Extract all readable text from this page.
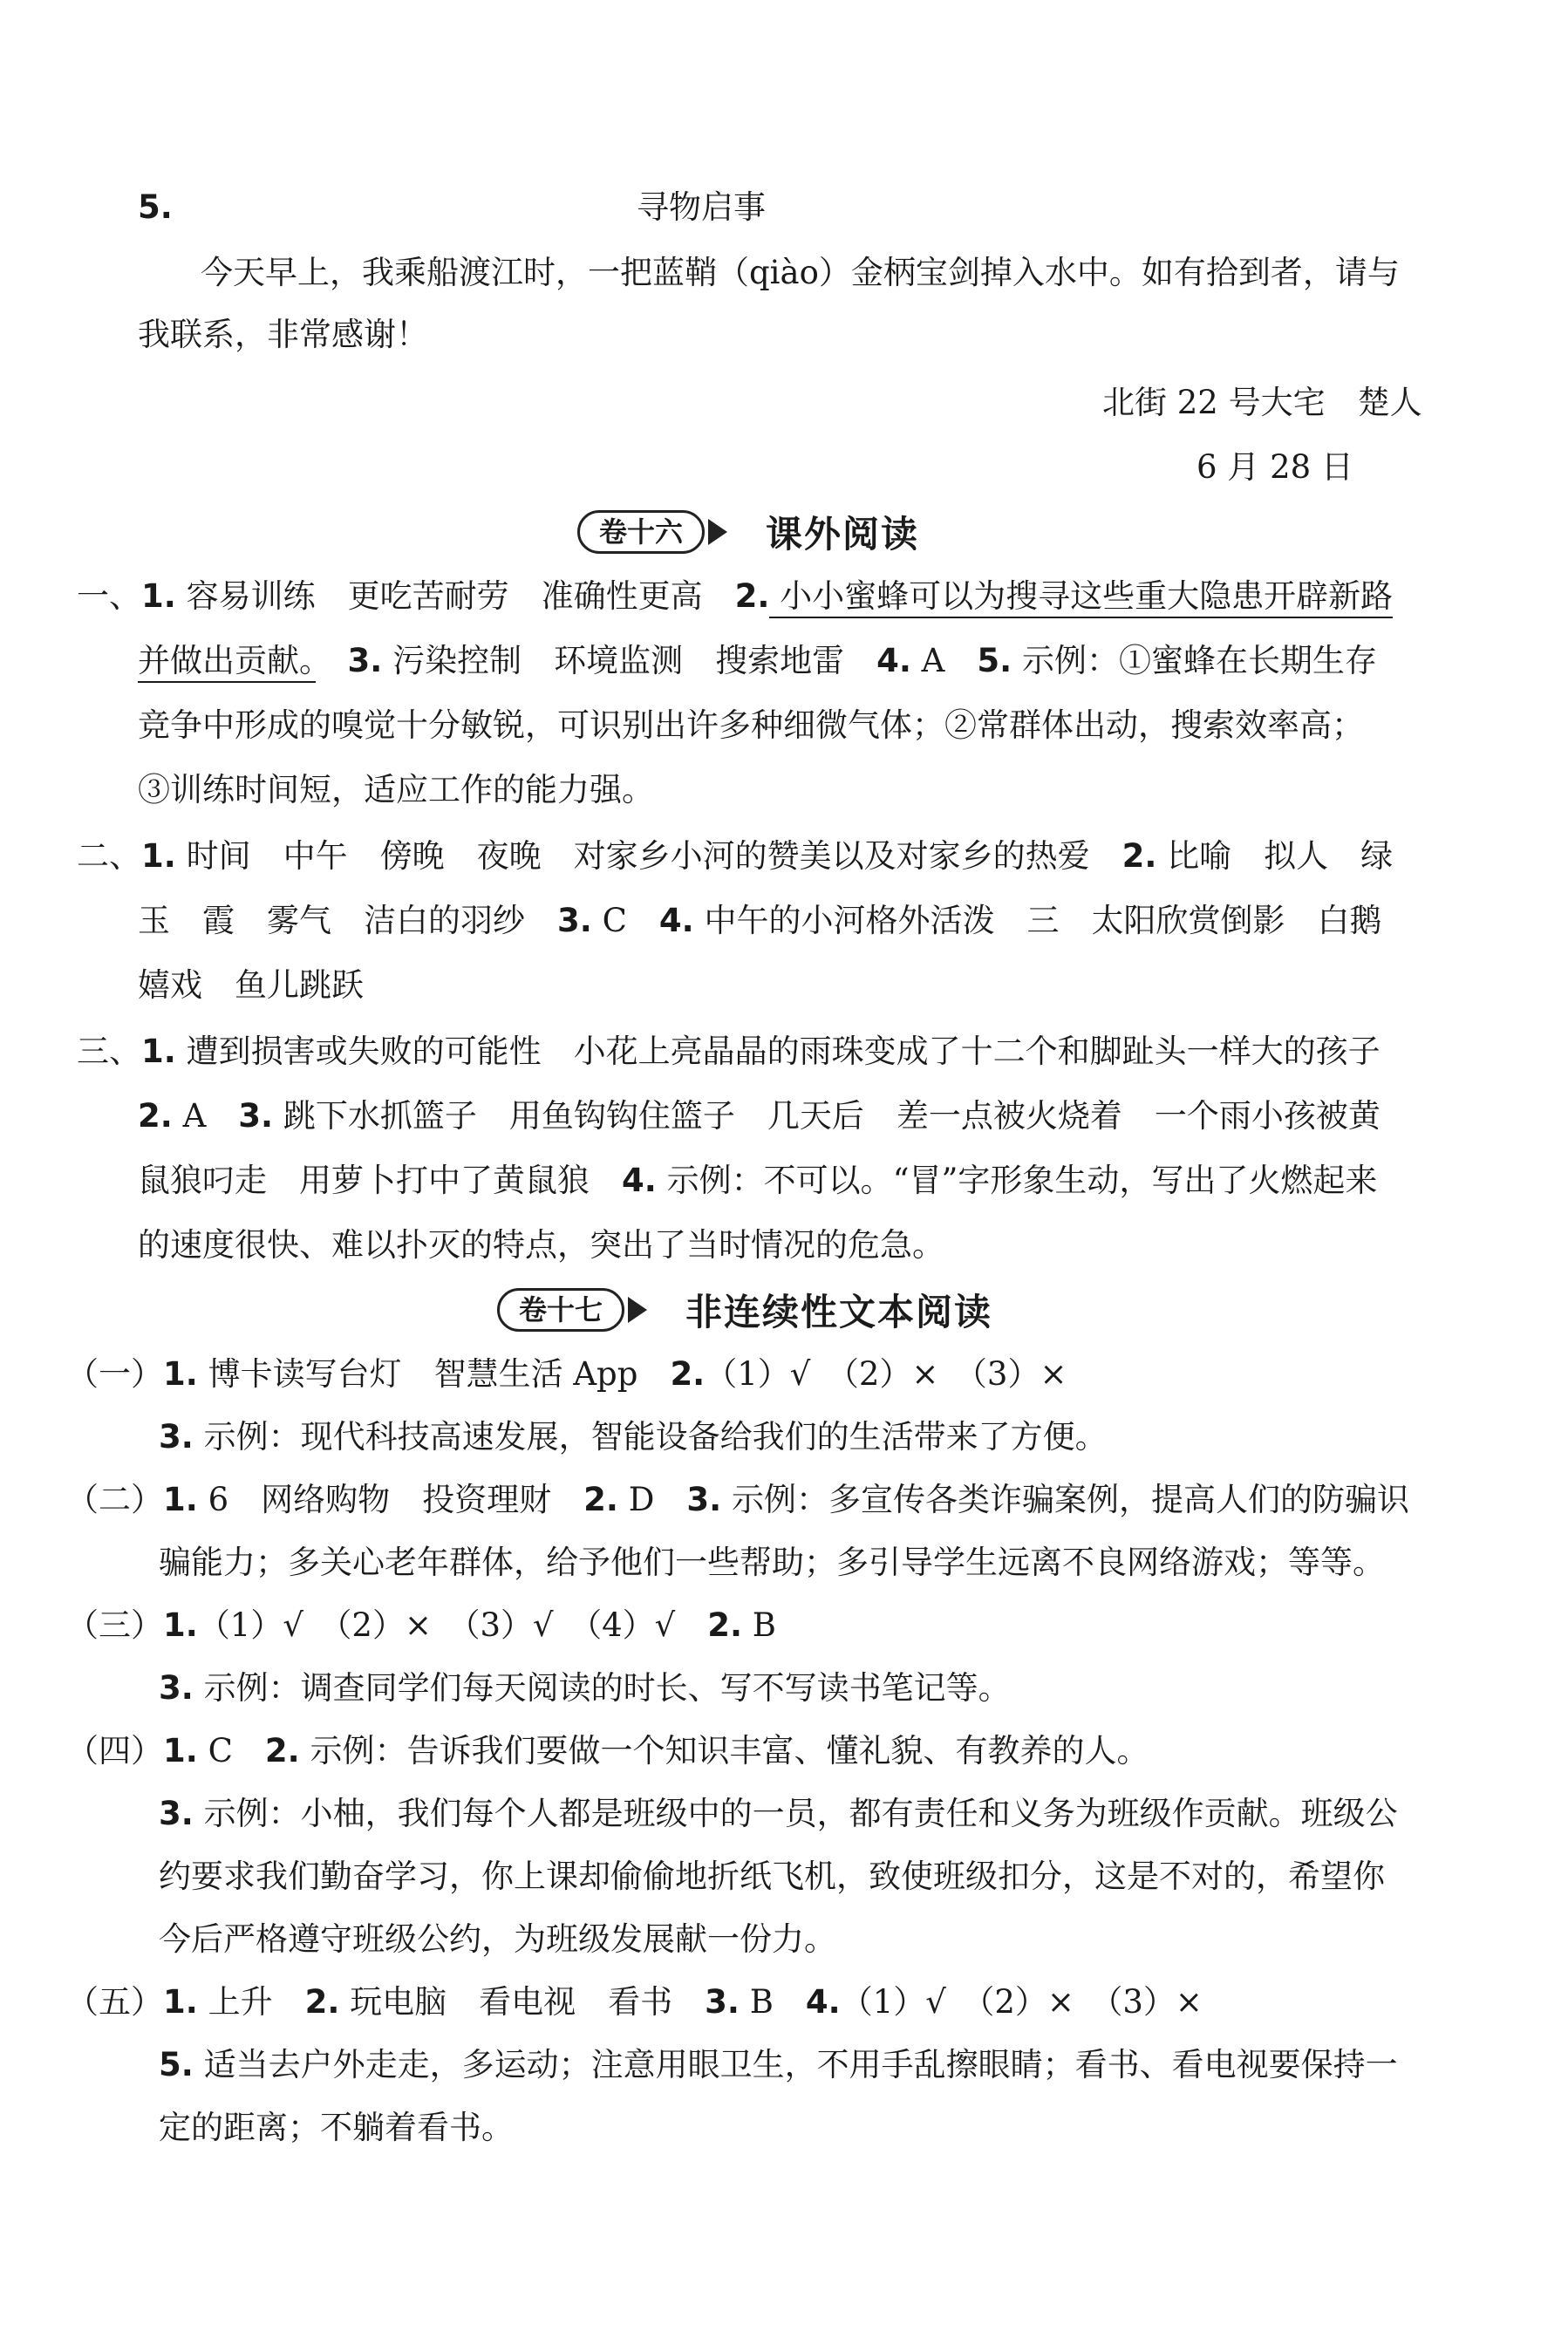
5.	寻物启事
今天早上，我乘船渡江时，一把蓝鞘（qiào）金柄宝剑掉入水中。如有拾到者，请与
我联系，非常感谢！
北街 22 号大宅　楚人
6 月 28 日
卷十六	课外阅读
一、1. 容易训练　更吃苦耐劳　准确性更高　2. 小小蜜蜂可以为搜寻这些重大隐患开辟新路
并做出贡献。　 3. 污染控制　环境监测　搜索地雷　4. A　5. 示例：①蜜蜂在长期生存
竞争中形成的嗅觉十分敏锐，可识别出许多种细微气体；②常群体出动，搜索效率高；
③训练时间短，适应工作的能力强。
二、1. 时间　中午　傍晚　夜晚　对家乡小河的赞美以及对家乡的热爱　2. 比喻　拟人　绿
玉　霞　雾气　洁白的羽纱　3. C　4. 中午的小河格外活泼　三　太阳欣赏倒影　白鹅
嬉戏　鱼儿跳跃
三、1. 遭到损害或失败的可能性　小花上亮晶晶的雨珠变成了十二个和脚趾头一样大的孩子
2. A　3. 跳下水抓篮子　用鱼钩钩住篮子　几天后　差一点被火烧着　一个雨小孩被黄
鼠狼叼走　用萝卜打中了黄鼠狼　4. 示例：不可以。“冒”字形象生动，写出了火燃起来
的速度很快、难以扑灭的特点，突出了当时情况的危急。
卷十七	非连续性文本阅读
（一）1. 博卡读写台灯　智慧生活 App　2.（1）√　（2）×　（3）×
3. 示例：现代科技高速发展，智能设备给我们的生活带来了方便。
（二）1. 6　网络购物　投资理财　2. D　3. 示例：多宣传各类诈骗案例，提高人们的防骗识
骗能力；多关心老年群体，给予他们一些帮助；多引导学生远离不良网络游戏；等等。
（三）1.（1）√　（2）×　（3）√　（4）√　2. B
3. 示例：调查同学们每天阅读的时长、写不写读书笔记等。
（四）1. C　2. 示例：告诉我们要做一个知识丰富、懂礼貌、有教养的人。
3. 示例：小柚，我们每个人都是班级中的一员，都有责任和义务为班级作贡献。班级公
约要求我们勤奋学习，你上课却偷偷地折纸飞机，致使班级扣分，这是不对的，希望你
今后严格遵守班级公约，为班级发展献一份力。
（五）1. 上升　2. 玩电脑　看电视　看书　3. B　4.（1）√　（2）×　（3）×
5. 适当去户外走走，多运动；注意用眼卫生，不用手乱擦眼睛；看书、看电视要保持一
定的距离；不躺着看书。
